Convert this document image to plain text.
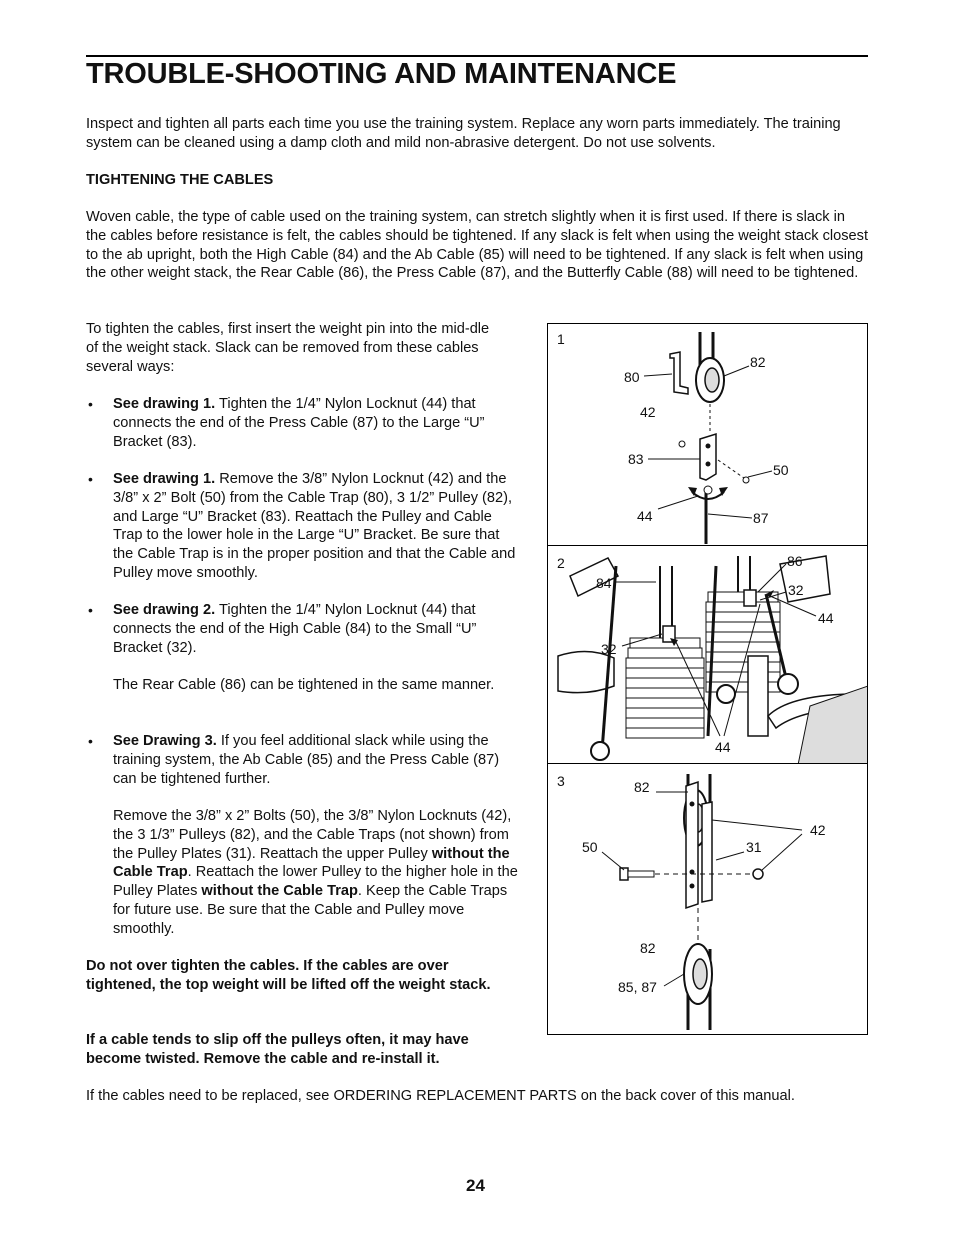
TROUBLE-SHOOTING AND MAINTENANCE

Inspect and tighten all parts each time you use the training system. Replace any worn parts immediately. The training system can be cleaned using a damp cloth and mild non-abrasive detergent. Do not use solvents.

TIGHTENING THE CABLES

Woven cable, the type of cable used on the training system, can stretch slightly when it is first used. If there is slack in the cables before resistance is felt, the cables should be tightened. If any slack is felt when using the weight stack closest to the ab upright, both the High Cable (84) and the Ab Cable (85) will need to be tightened. If any slack is felt when using the other weight stack, the Rear Cable (86), the Press Cable (87), and the Butterfly Cable (88) will need to be tightened.

To tighten the cables, first insert the weight pin into the mid-dle of the weight stack. Slack can be removed from these cables several ways:

• See drawing 1. Tighten the 1/4” Nylon Locknut (44) that connects the end of the Press Cable (87) to the Large “U” Bracket (83).

• See drawing 1. Remove the 3/8” Nylon Locknut (42) and the 3/8” x 2” Bolt (50) from the Cable Trap (80), 3 1/2” Pulley (82), and Large “U” Bracket (83). Reattach the Pulley and Cable Trap to the lower hole in the Large “U” Bracket. Be sure that the Cable Trap is in the proper position and that the Cable and Pulley move smoothly.

• See drawing 2. Tighten the 1/4” Nylon Locknut (44) that connects the end of the High Cable (84) to the Small “U” Bracket (32).

The Rear Cable (86) can be tightened in the same manner.

• See Drawing 3. If you feel additional slack while using the training system, the Ab Cable (85) and the Press Cable (87) can be tightened further.

Remove the 3/8” x 2” Bolts (50), the 3/8” Nylon Locknuts (42), the 3 1/3” Pulleys (82), and the Cable Traps (not shown) from the Pulley Plates (31). Reattach the upper Pulley without the Cable Trap. Reattach the lower Pulley to the higher hole in the Pulley Plates without the Cable Trap. Keep the Cable Traps for future use. Be sure that the Cable and Pulley move smoothly.

Do not over tighten the cables. If the cables are over tightened, the top weight will be lifted off the weight stack.

If a cable tends to slip off the pulleys often, it may have become twisted. Remove the cable and re-install it.

If the cables need to be replaced, see ORDERING REPLACEMENT PARTS on the back cover of this manual.

24
1
80
82
42
83
50
44	87
2	86
84	32
44
32
44
3	82
42
50	31
82
85, 87
